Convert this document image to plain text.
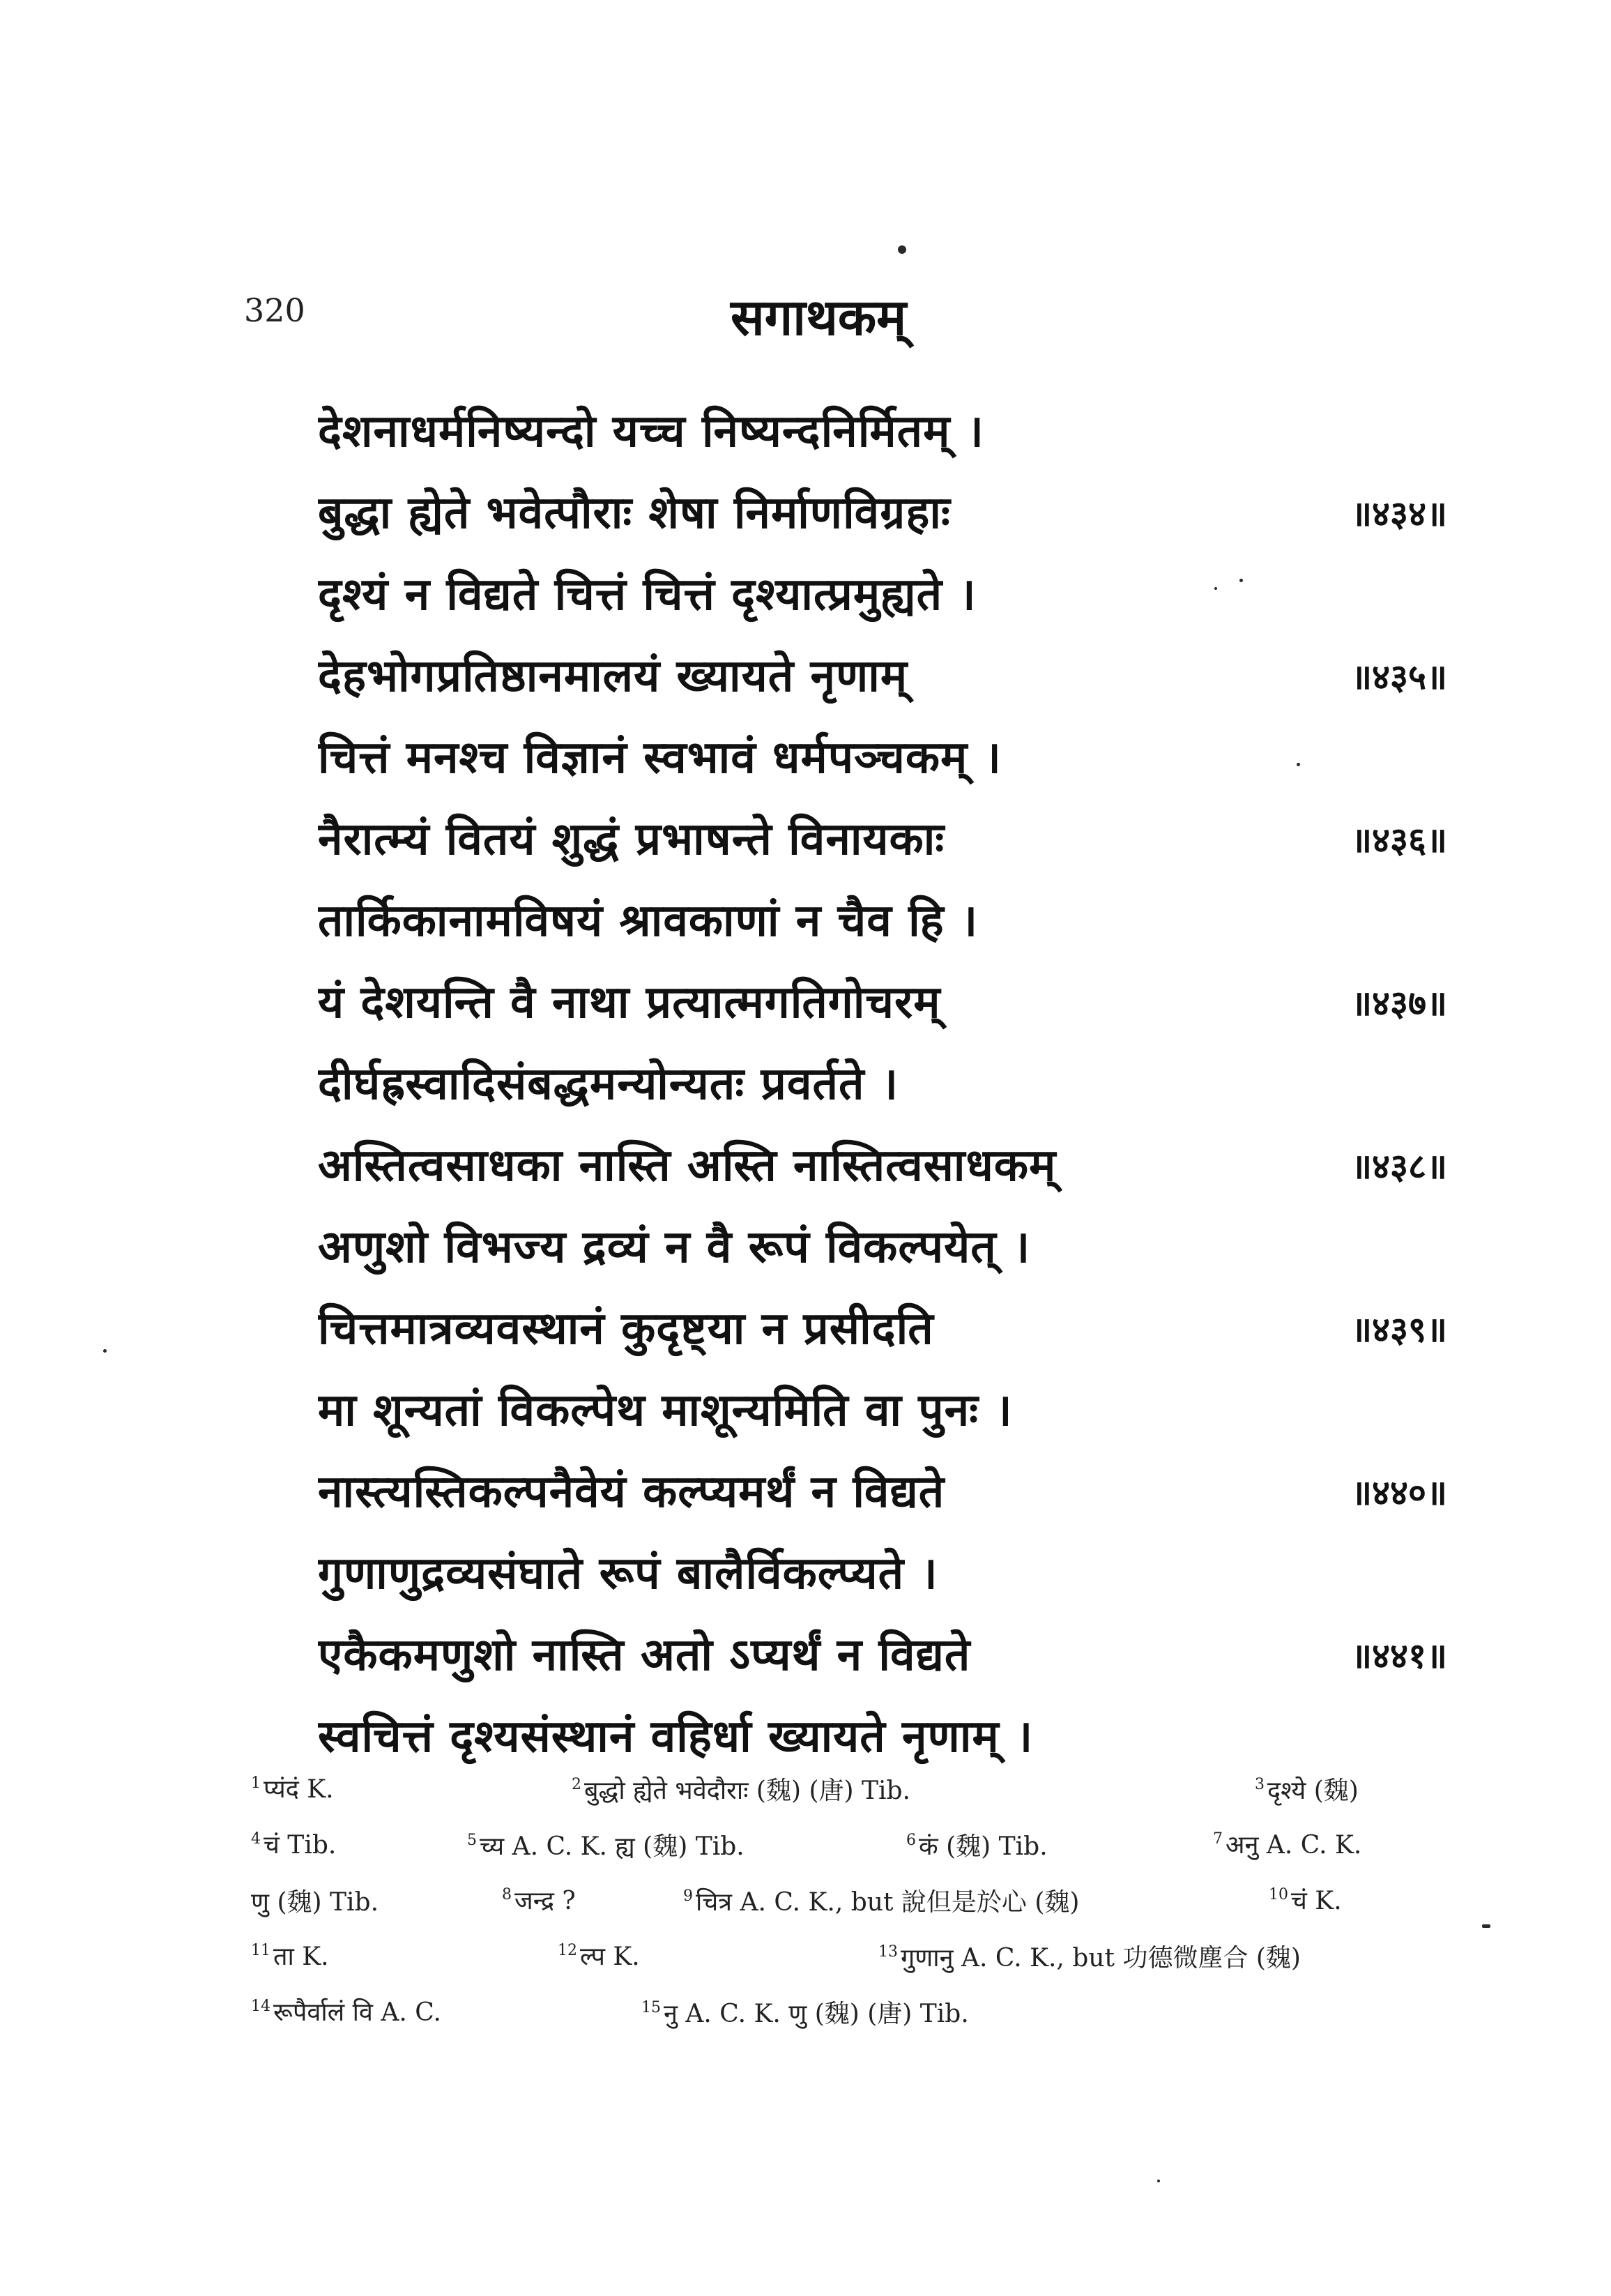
320	सगाथकम्
देशनाधर्मनिष्यन्दो यच्च निष्यन्दनिर्मितम् ।
बुद्धा ह्येते भवेत्पौराः शेषा निर्माणविग्रहाः	॥४३४॥
दृश्यं न विद्यते चित्तं चित्तं दृश्यात्प्रमुह्यते ।
देहभोगप्रतिष्ठानमालयं ख्यायते नृणाम्	॥४३५॥
चित्तं मनश्च विज्ञानं स्वभावं धर्मपञ्चकम् ।
नैरात्म्यं वितयं शुद्धं प्रभाषन्ते विनायकाः	॥४३६॥
तार्किकानामविषयं श्रावकाणां न चैव हि ।
यं देशयन्ति वै नाथा प्रत्यात्मगतिगोचरम्	॥४३७॥
दीर्घह्रस्वादिसंबद्धमन्योन्यतः प्रवर्तते ।
अस्तित्वसाधका नास्ति अस्ति नास्तित्वसाधकम्	॥४३८॥
अणुशो विभज्य द्रव्यं न वै रूपं विकल्पयेत् ।
चित्तमात्रव्यवस्थानं कुदृष्ट्या न प्रसीदति	॥४३९॥
मा शून्यतां विकल्पेथ माशून्यमिति वा पुनः ।
नास्त्यस्तिकल्पनैवेयं कल्प्यमर्थं न विद्यते	॥४४०॥
गुणाणुद्रव्यसंघाते रूपं बालैर्विकल्प्यते ।
एकैकमणुशो नास्ति अतो ऽप्यर्थं न विद्यते	॥४४१॥
स्वचित्तं दृश्यसंस्थानं वहिर्धा ख्यायते नृणाम् ।
$^1$ प्यंदं K.	$^2$ बुद्धो ह्येते भवेदौराः (魏) (唐) Tib.	$^3$ दृश्ये (魏)
$^4$ चं Tib.	$^5$ च्य A. C. K. ह्य (魏) Tib.	$^6$ कं (魏) Tib.	$^7$ अनु A. C. K.
णु (魏) Tib.	$^8$ जन्द्र ?	$^9$ चित्र A. C. K., but 說但是於心 (魏)	$^{10}$ चं K.
$^{11}$ ता K.	$^{12}$ ल्प K.	$^{13}$ गुणानु A. C. K., but 功德微塵合 (魏)
$^{14}$ रूपैर्वालं वि A. C.	$^{15}$ नु A. C. K. णु (魏) (唐) Tib.
